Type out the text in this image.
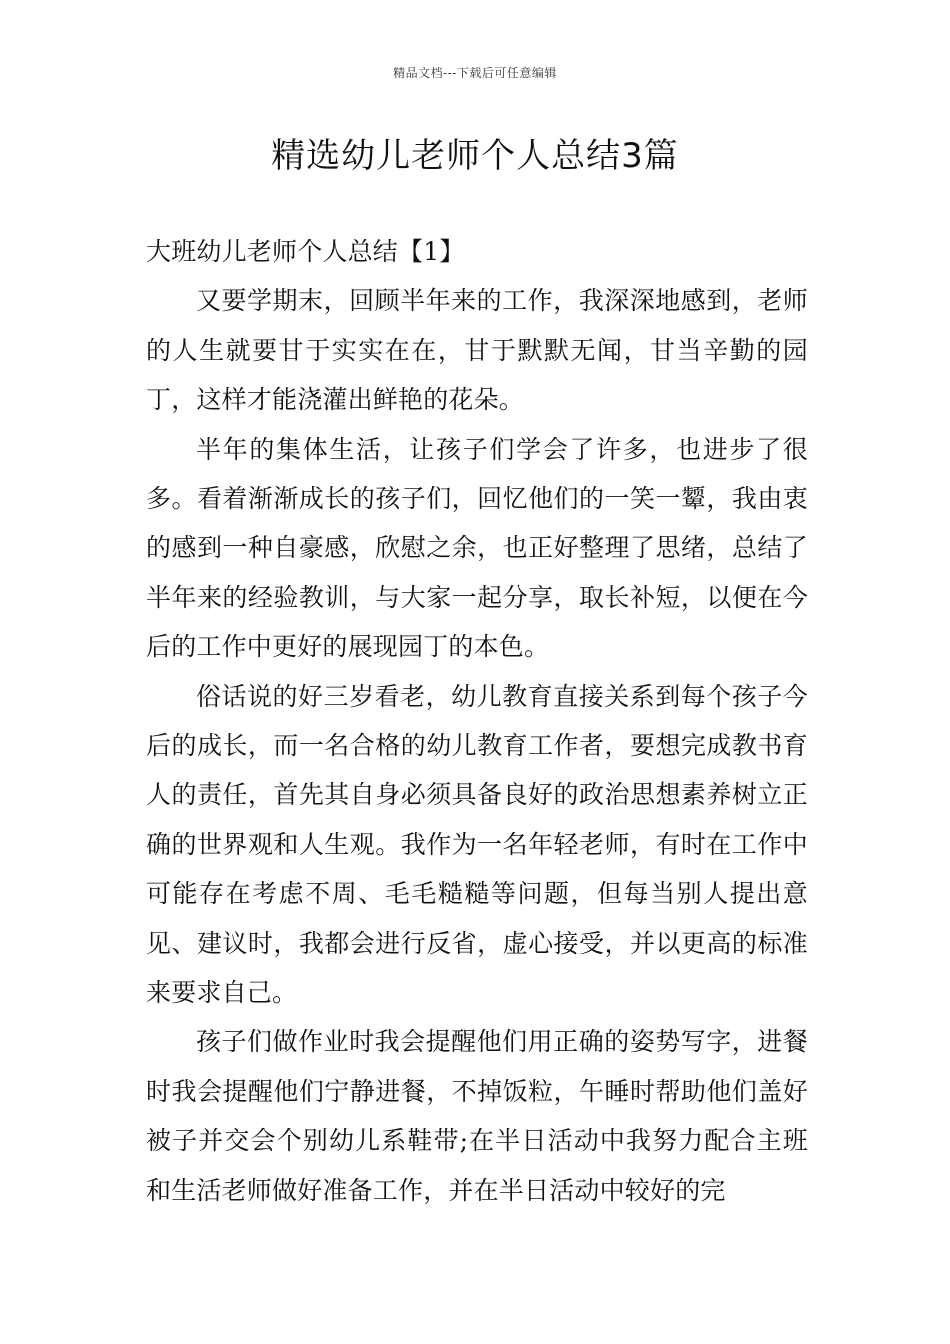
精品文档---下载后可任意编辑
精选幼儿老师个人总结3篇
大班幼儿老师个人总结【1】

又要学期末，回顾半年来的工作，我深深地感到，老师的人生就要甘于实实在在，甘于默默无闻，甘当辛勤的园丁，这样才能浇灌出鲜艳的花朵。

半年的集体生活，让孩子们学会了许多，也进步了很多。看着渐渐成长的孩子们，回忆他们的一笑一颦，我由衷的感到一种自豪感，欣慰之余，也正好整理了思绪，总结了半年来的经验教训，与大家一起分享，取长补短，以便在今后的工作中更好的展现园丁的本色。

俗话说的好三岁看老，幼儿教育直接关系到每个孩子今后的成长，而一名合格的幼儿教育工作者，要想完成教书育人的责任，首先其自身必须具备良好的政治思想素养树立正确的世界观和人生观。我作为一名年轻老师，有时在工作中可能存在考虑不周、毛毛糙糙等问题，但每当别人提出意见、建议时，我都会进行反省，虚心接受，并以更高的标准来要求自己。

孩子们做作业时我会提醒他们用正确的姿势写字，进餐时我会提醒他们宁静进餐，不掉饭粒，午睡时帮助他们盖好被子并交会个别幼儿系鞋带;在半日活动中我努力配合主班和生活老师做好准备工作，并在半日活动中较好的完
